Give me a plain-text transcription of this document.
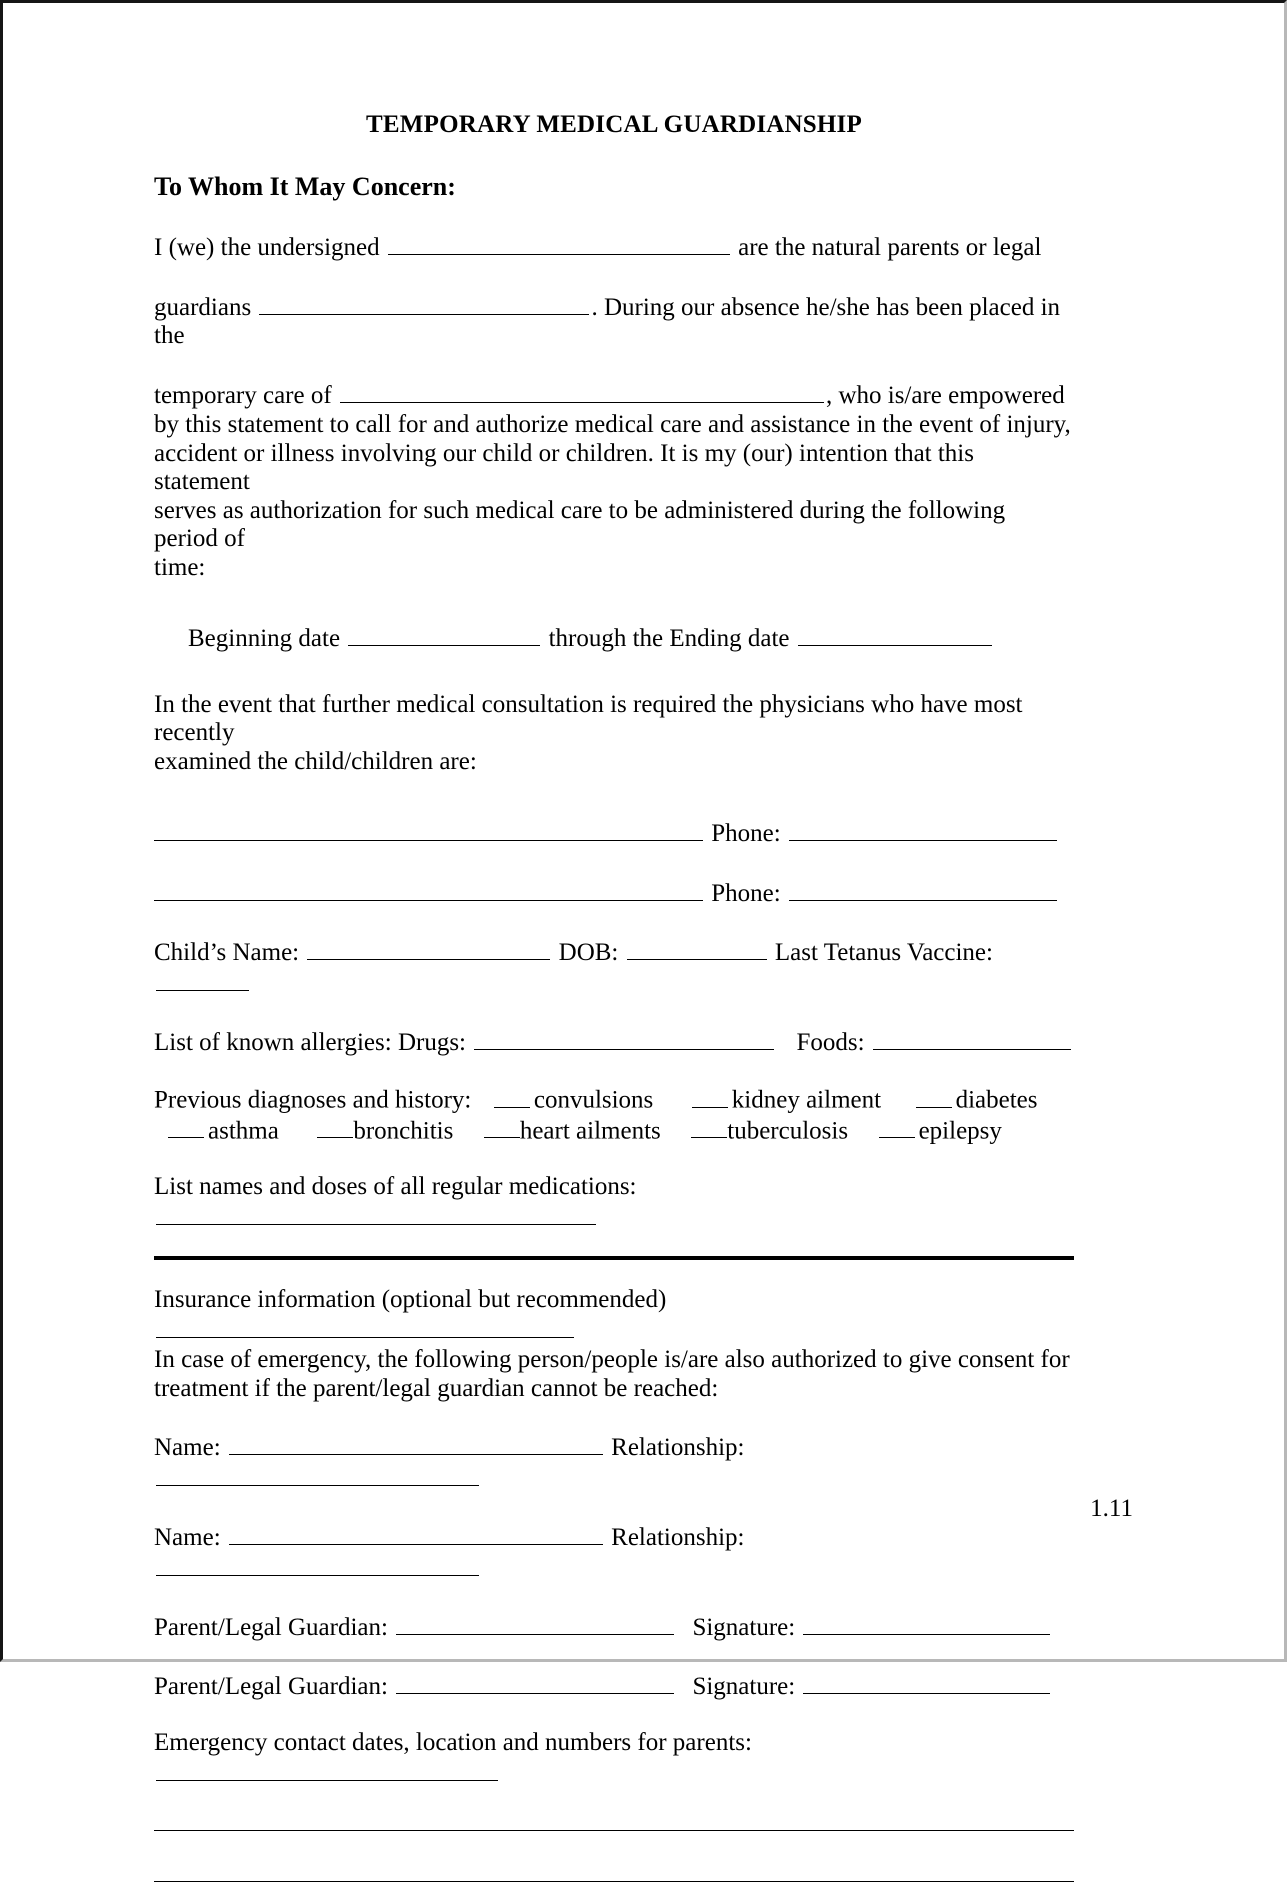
TEMPORARY MEDICAL GUARDIANSHIP
To Whom It May Concern:
I (we) the undersigned	are the natural parents or legal
guardians	. During our absence he/she has been placed in the
temporary care of	, who is/are empowered
by this statement to call for and authorize medical care and assistance in the event of injury,
accident or illness involving our child or children. It is my (our) intention that this statement
serves as authorization for such medical care to be administered during the following period of
time:
Beginning date	through the Ending date
In the event that further medical consultation is required the physicians who have most recently
examined the child/children are:
Phone:
Phone:
Child’s Name:	DOB:	Last Tetanus Vaccine:
List of known allergies: Drugs:	Foods:
Previous diagnoses and history:	convulsions	kidney ailment	diabetes
asthma	bronchitis	heart ailments	tuberculosis	epilepsy
List names and doses of all regular medications:
Insurance information (optional but recommended)
In case of emergency, the following person/people is/are also authorized to give consent for
treatment if the parent/legal guardian cannot be reached:
Name:	Relationship:
Name:	Relationship:
Parent/Legal Guardian:	Signature:
Parent/Legal Guardian:	Signature:
Emergency contact dates, location and numbers for parents:
1.11
